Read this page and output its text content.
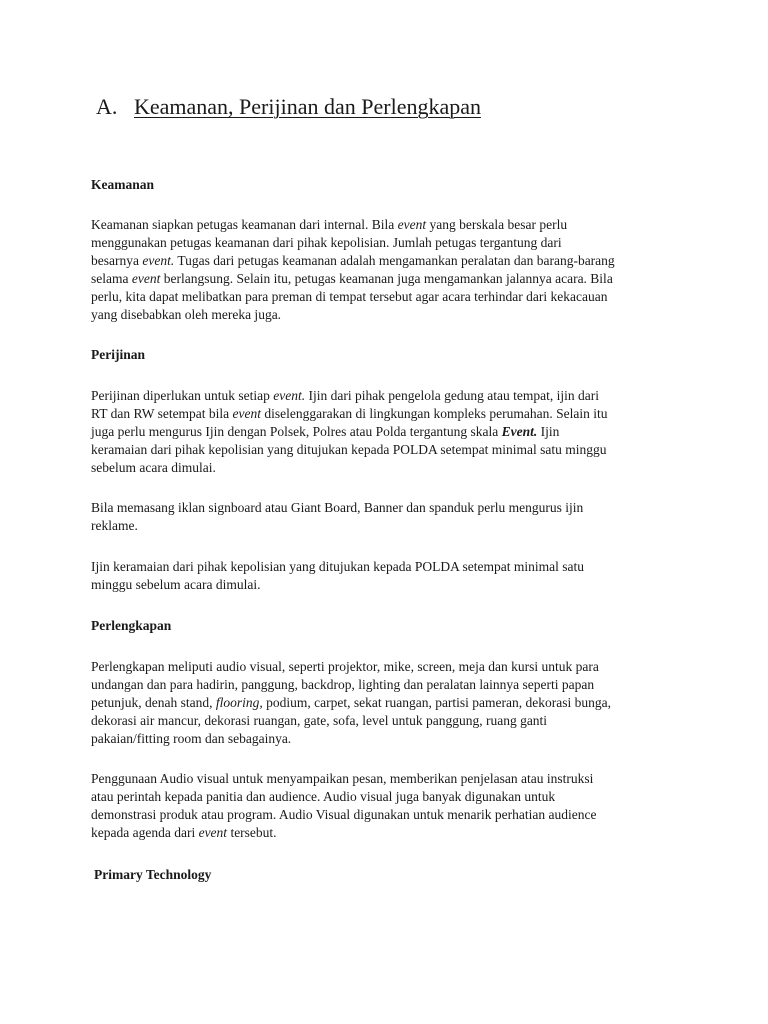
A. Keamanan, Perijinan dan Perlengkapan
Keamanan

Keamanan siapkan petugas keamanan dari internal. Bila event yang berskala besar perlu
menggunakan petugas keamanan dari pihak kepolisian. Jumlah petugas tergantung dari
besarnya event. Tugas dari petugas keamanan adalah mengamankan peralatan dan barang-barang
selama event berlangsung. Selain itu, petugas keamanan juga mengamankan jalannya acara. Bila
perlu, kita dapat melibatkan para preman di tempat tersebut agar acara terhindar dari kekacauan
yang disebabkan oleh mereka juga.

Perijinan

Perijinan diperlukan untuk setiap event. Ijin dari pihak pengelola gedung atau tempat, ijin dari
RT dan RW setempat bila event diselenggarakan di lingkungan kompleks perumahan. Selain itu
juga perlu mengurus Ijin dengan Polsek, Polres atau Polda tergantung skala Event. Ijin
keramaian dari pihak kepolisian yang ditujukan kepada POLDA setempat minimal satu minggu
sebelum acara dimulai.

Bila memasang iklan signboard atau Giant Board, Banner dan spanduk perlu mengurus ijin
reklame.

Ijin keramaian dari pihak kepolisian yang ditujukan kepada POLDA setempat minimal satu
minggu sebelum acara dimulai.

Perlengkapan

Perlengkapan meliputi audio visual, seperti projektor, mike, screen, meja dan kursi untuk para
undangan dan para hadirin, panggung, backdrop, lighting dan peralatan lainnya seperti papan
petunjuk, denah stand, flooring, podium, carpet, sekat ruangan, partisi pameran, dekorasi bunga,
dekorasi air mancur, dekorasi ruangan, gate, sofa, level untuk panggung, ruang ganti
pakaian/fitting room dan sebagainya.

Penggunaan Audio visual untuk menyampaikan pesan, memberikan penjelasan atau instruksi
atau perintah kepada panitia dan audience. Audio visual juga banyak digunakan untuk
demonstrasi produk atau program. Audio Visual digunakan untuk menarik perhatian audience
kepada agenda dari event tersebut.

Primary Technology
